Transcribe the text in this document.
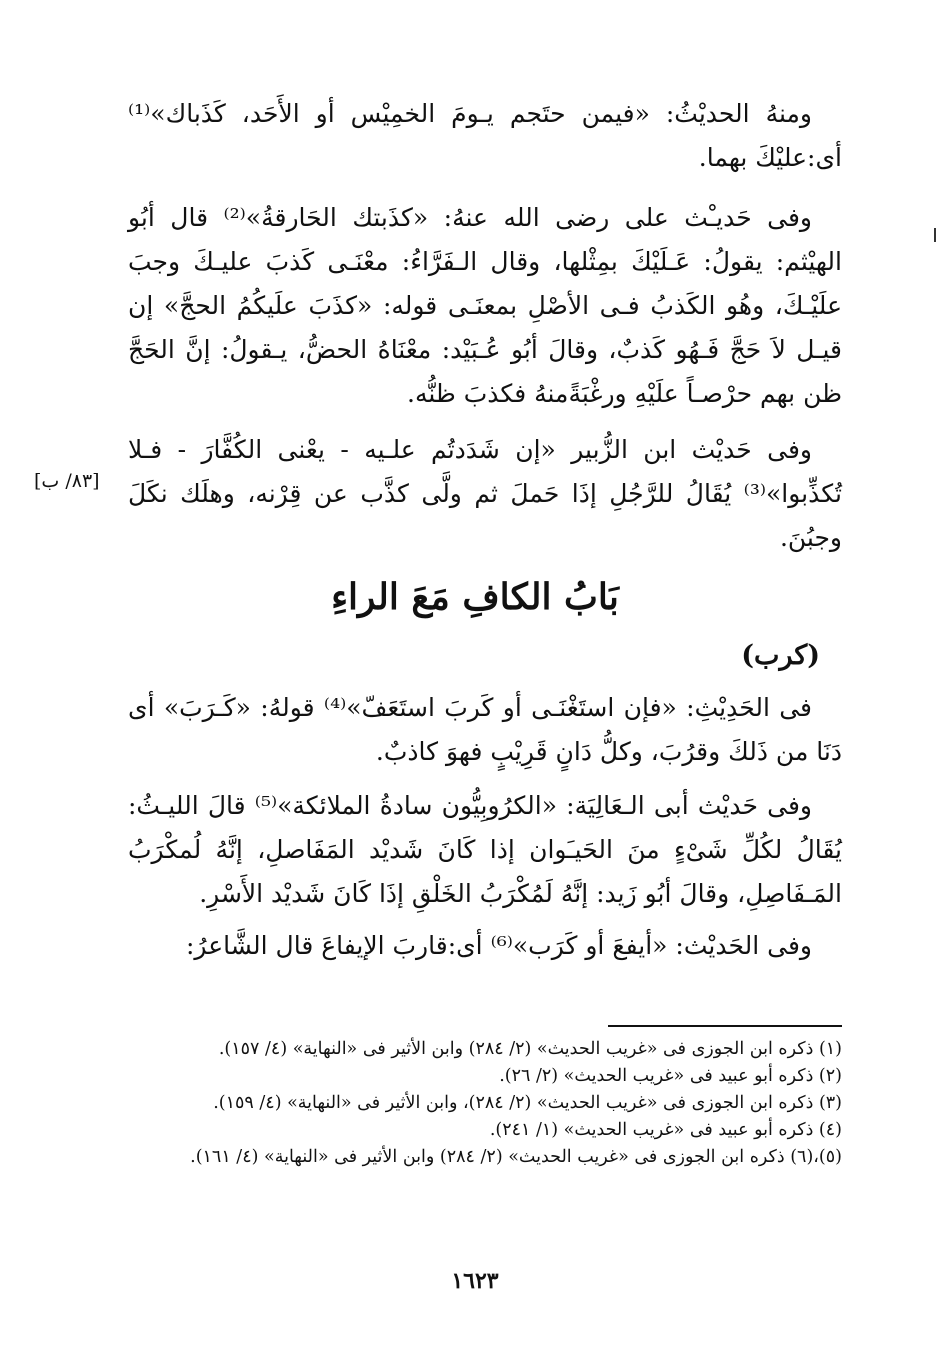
ومنهُ الحديْثُ: «فيمن حتَجم يـومَ الخمِيْس أو الأَحَد، كَذَباك»⁽¹⁾ أى:عليْكَ بهما.

وفى حَديـْث على رضى الله عنهُ: «كذَبتك الحَارقةُ»⁽²⁾ قال أبُو الهيْثم: يقولُ: عَـلَيْكَ بمِثْلها، وقال الـفَرَّاءُ: معْنَـى كَذبَ عليـكَ وجبَ علَيْـكَ، وهُو الكَذبُ فـى الأصْلِ بمعنَـى قوله: «كذَبَ علَيكُمُ الحجَّ» إن قيـل لاَ حَجَّ فَـهُو كَذبٌ، وقالَ أبُو عُـبَيْد: معْنَاهُ الحضُّ، يـقولُ: إنَّ الحَجَّ ظن بهم حرْصـاً علَيْهِ ورغْبَةًمنهُ فكذبَ ظنُّه.

وفى حَديْث ابن الزُّبير «إن شَدَدتُم علـيه - يعْنى الكُفَّارَ - فـلا تُكذِّبوا»⁽³⁾ يُقَالُ للرَّجُلِ إذَا حَملَ ثم ولَّى كذَّب عن قِرْنه، وهلَك نكَلَ وجبُنَ.

[٨٣/ ب]
بَابُ الكافِ مَعَ الراءِ
(كرب)

فى الحَدِيْثِ: «فإن استَغْنَـى أو كَربَ استَعَفّ»⁽⁴⁾ قولهُ: «كَـرَبَ» أى دَنَا من ذَلكَ وقرُبَ، وكلُّ دَانٍ قَرِيْبٍ فهوَ كاذبٌ.

وفى حَديْث أبى الـعَالِيَة: «الكرُوبِيُّون سادةُ الملائكة»⁽⁵⁾ قالَ الليـثُ: يُقَالُ لكُلِّ شَىْءٍ منَ الحَيـَوان إذا كَانَ شَديْد المَفَاصلِ، إنَّهُ لُمكْرَبُ المَـفَاصِلِ، وقالَ أبُو زَيد: إنَّهُ لَمُكْرَبُ الخَلْقِ إذَا كَانَ شَديْد الأَسْرِ.

وفى الحَديْث: «أيفعَ أو كَرَب»⁽⁶⁾ أى:قاربَ الإيفاعَ قال الشَّاعرُ:

(١) ذكره ابن الجوزى فى «غريب الحديث» (٢/ ٢٨٤) وابن الأثير فى «النهاية» (٤/ ١٥٧).

(٢) ذكره أبو عبيد فى «غريب الحديث» (٢/ ٢٦).

(٣) ذكره ابن الجوزى فى «غريب الحديث» (٢/ ٢٨٤)، وابن الأثير فى «النهاية» (٤/ ١٥٩).

(٤) ذكره أبو عبيد فى «غريب الحديث» (١/ ٢٤١).

(٥)،(٦) ذكره ابن الجوزى فى «غريب الحديث» (٢/ ٢٨٤) وابن الأثير فى «النهاية» (٤/ ١٦١).

١٦٢٣
